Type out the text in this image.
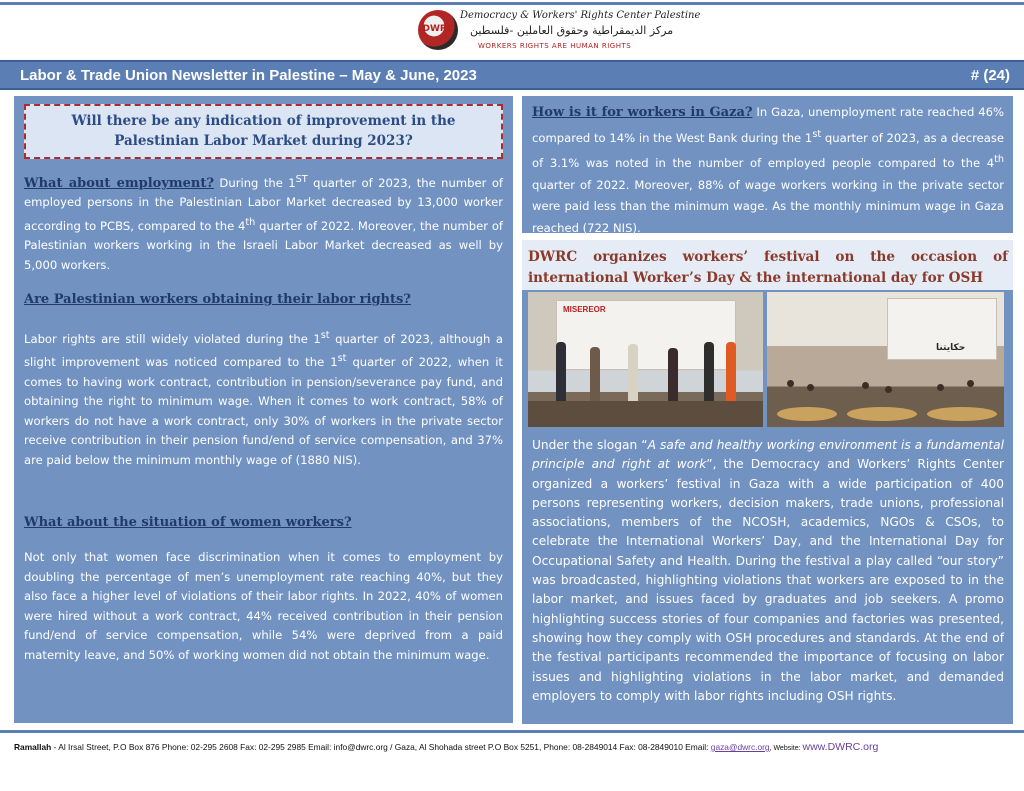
DWRC
Democracy & Workers' Rights Center Palestine
مركز الديمقراطية وحقوق العاملين -فلسطين
WORKERS RIGHTS ARE HUMAN RIGHTS
Labor & Trade Union Newsletter in Palestine – May & June, 2023	# (24)
Will there be any indication of improvement in the Palestinian Labor Market during 2023?
What about employment? During the 1ST quarter of 2023, the number of employed persons in the Palestinian Labor Market decreased by 13,000 worker according to PCBS, compared to the 4th quarter of 2022. Moreover, the number of Palestinian workers working in the Israeli Labor Market decreased as well by 5,000 workers.
Are Palestinian workers obtaining their labor rights?
Labor rights are still widely violated during the 1st quarter of 2023, although a slight improvement was noticed compared to the 1st quarter of 2022, when it comes to having work contract, contribution in pension/severance pay fund, and obtaining the right to minimum wage. When it comes to work contract, 58% of workers do not have a work contract, only 30% of workers in the private sector receive contribution in their pension fund/end of service compensation, and 37% are paid below the minimum monthly wage of (1880 NIS).
What about the situation of women workers?
Not only that women face discrimination when it comes to employment by doubling the percentage of men’s unemployment rate reaching 40%, but they also face a higher level of violations of their labor rights. In 2022, 40% of women were hired without a work contract, 44% received contribution in their pension fund/end of service compensation, while 54% were deprived from a paid maternity leave, and 50% of working women did not obtain the minimum wage.
How is it for workers in Gaza? In Gaza, unemployment rate reached 46% compared to 14% in the West Bank during the 1st quarter of 2023, as a decrease of 3.1% was noted in the number of employed people compared to the 4th quarter of 2022. Moreover, 88% of wage workers working in the private sector were paid less than the minimum wage. As the monthly minimum wage in Gaza reached (722 NIS).
DWRC organizes workers’ festival on the occasion of international Worker’s Day & the international day for OSH
MISEREOR
حكايتنا
Under the slogan “A safe and healthy working environment is a fundamental principle and right at work”, the Democracy and Workers’ Rights Center organized a workers’ festival in Gaza with a wide participation of 400 persons representing workers, decision makers, trade unions, professional associations, members of the NCOSH, academics, NGOs & CSOs, to celebrate the International Workers’ Day, and the International Day for Occupational Safety and Health. During the festival a play called “our story” was broadcasted, highlighting violations that workers are exposed to in the labor market, and issues faced by graduates and job seekers. A promo highlighting success stories of four companies and factories was presented, showing how they comply with OSH procedures and standards. At the end of the festival participants recommended the importance of focusing on labor issues and highlighting violations in the labor market, and demanded employers to comply with labor rights including OSH rights.
Ramallah - Al Irsal Street, P.O Box 876 Phone: 02-295 2608 Fax: 02-295 2985 Email: info@dwrc.org / Gaza, Al Shohada street P.O Box 5251, Phone: 08-2849014 Fax: 08-2849010 Email: gaza@dwrc.org, Website: www.DWRC.org
